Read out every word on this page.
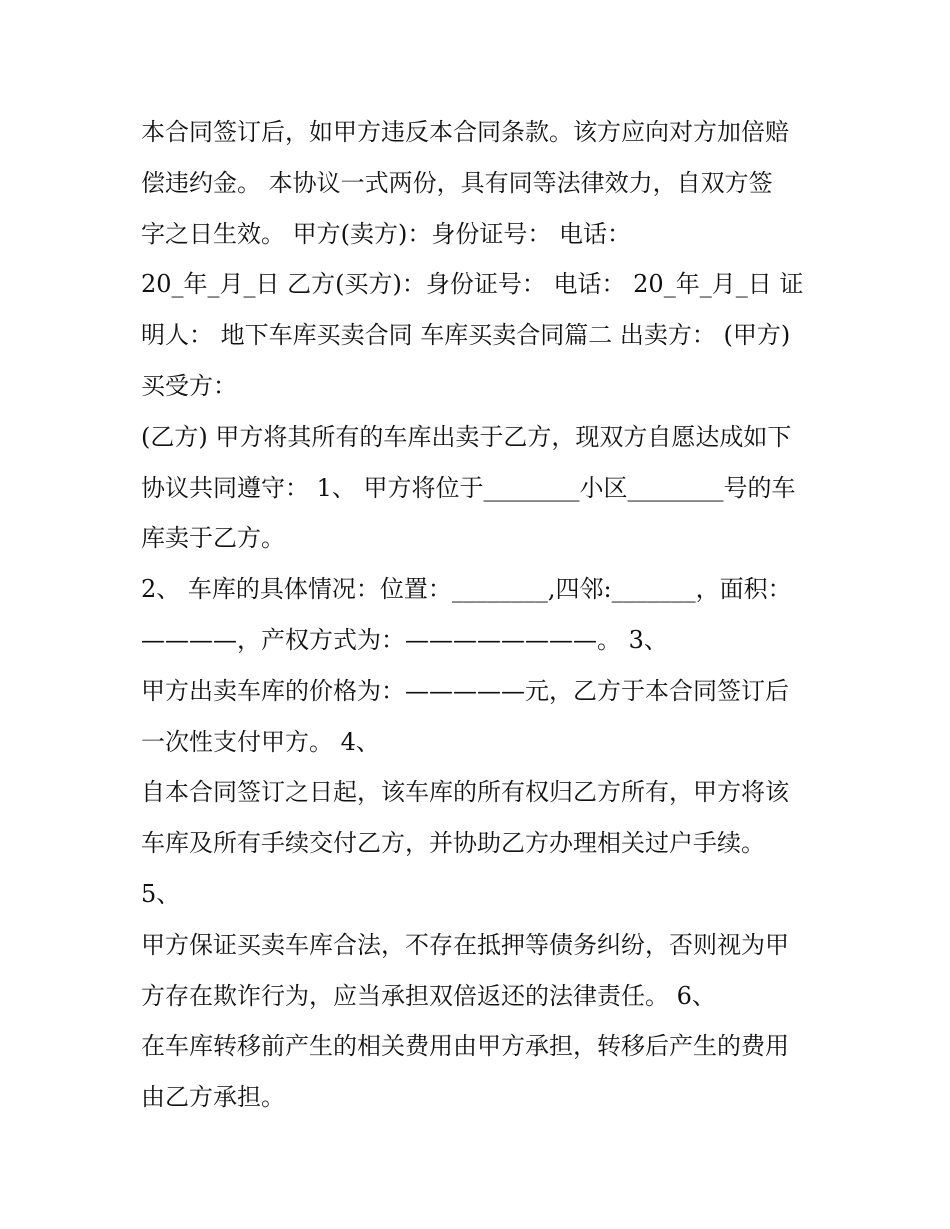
本合同签订后，如甲方违反本合同条款。该方应向对方加倍赔
偿违约金。 本协议一式两份，具有同等法律效力，自双方签
字之日生效。 甲方(卖方)：身份证号： 电话：
20_年_月_日 乙方(买方)：身份证号： 电话： 20_年_月_日 证
明人： 地下车库买卖合同 车库买卖合同篇二 出卖方： (甲方)
买受方：
(乙方) 甲方将其所有的车库出卖于乙方，现双方自愿达成如下
协议共同遵守： 1、 甲方将位于________小区________号的车
库卖于乙方。
2、 车库的具体情况：位置：________,四邻:_______，面积：
————，产权方式为：————————。 3、
甲方出卖车库的价格为：—————元，乙方于本合同签订后
一次性支付甲方。 4、
自本合同签订之日起，该车库的所有权归乙方所有，甲方将该
车库及所有手续交付乙方，并协助乙方办理相关过户手续。
5、
甲方保证买卖车库合法，不存在抵押等债务纠纷，否则视为甲
方存在欺诈行为，应当承担双倍返还的法律责任。 6、
在车库转移前产生的相关费用由甲方承担，转移后产生的费用
由乙方承担。
